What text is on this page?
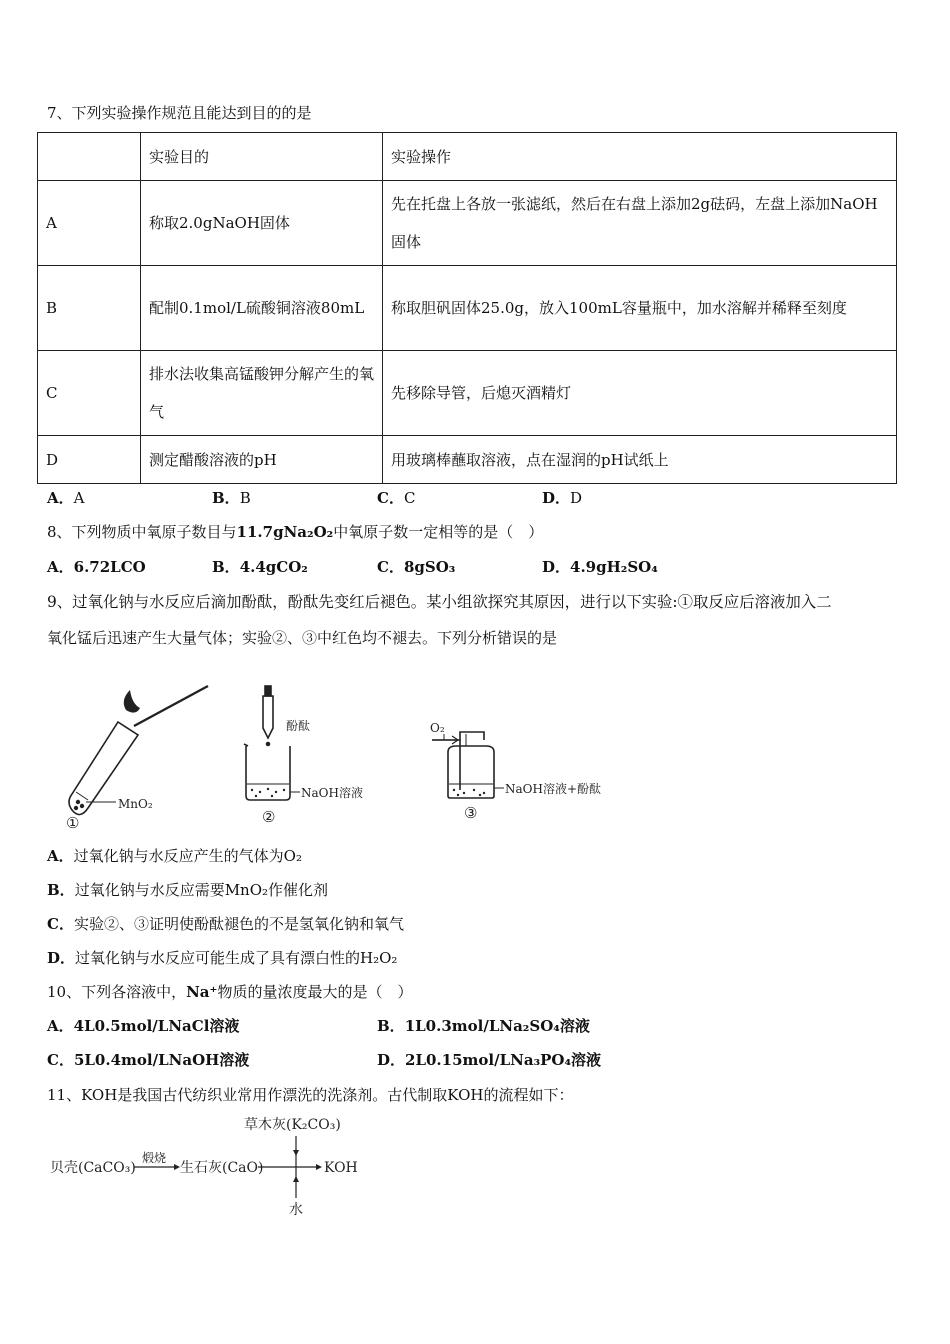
7、下列实验操作规范且能达到目的的是
	实验目的	实验操作
A	称取2.0gNaOH固体	先在托盘上各放一张滤纸，然后在右盘上添加2g砝码，左盘上添加NaOH固体
B	配制0.1mol/L硫酸铜溶液80mL	称取胆矾固体25.0g，放入100mL容量瓶中，加水溶解并稀释至刻度
C	排水法收集高锰酸钾分解产生的氧气	先移除导管，后熄灭酒精灯
D	测定醋酸溶液的pH	用玻璃棒蘸取溶液，点在湿润的pH试纸上
A．A	B．B	C．C	D．D
8、下列物质中氧原子数目与11.7gNa₂O₂中氧原子数一定相等的是（　）
A．6.72LCO	B．4.4gCO₂	C．8gSO₃	D．4.9gH₂SO₄
9、过氧化钠与水反应后滴加酚酞，酚酞先变红后褪色。某小组欲探究其原因，进行以下实验:①取反应后溶液加入二
氧化锰后迅速产生大量气体；实验②、③中红色均不褪去。下列分析错误的是
MnO₂
①
酚酞
NaOH溶液
②
O₂
NaOH溶液+酚酞
③
A．过氧化钠与水反应产生的气体为O₂
B．过氧化钠与水反应需要MnO₂作催化剂
C．实验②、③证明使酚酞褪色的不是氢氧化钠和氧气
D．过氧化钠与水反应可能生成了具有漂白性的H₂O₂
10、下列各溶液中，Na⁺物质的量浓度最大的是（　）
A．4L0.5mol/LNaCl溶液	B．1L0.3mol/LNa₂SO₄溶液
C．5L0.4mol/LNaOH溶液	D．2L0.15mol/LNa₃PO₄溶液
11、KOH是我国古代纺织业常用作漂洗的洗涤剂。古代制取KOH的流程如下：
草木灰(K₂CO₃)
贝壳(CaCO₃)
煅烧
生石灰(CaO)	KOH
水
